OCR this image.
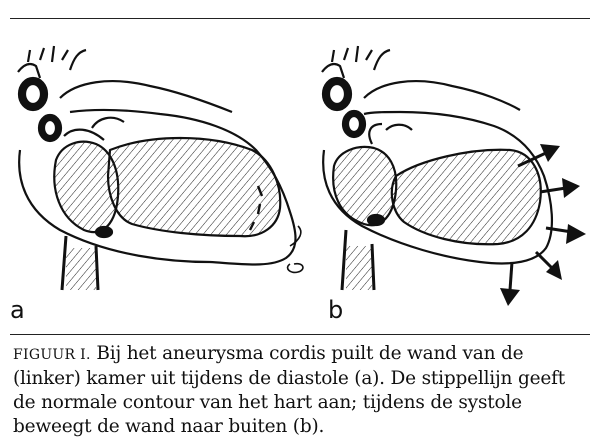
a	b

FIGUUR I. Bij het aneurysma cordis puilt de wand van de (linker) kamer uit tijdens de diastole (a). De stippellijn geeft de normale contour van het hart aan; tijdens de systole beweegt de wand naar buiten (b).
